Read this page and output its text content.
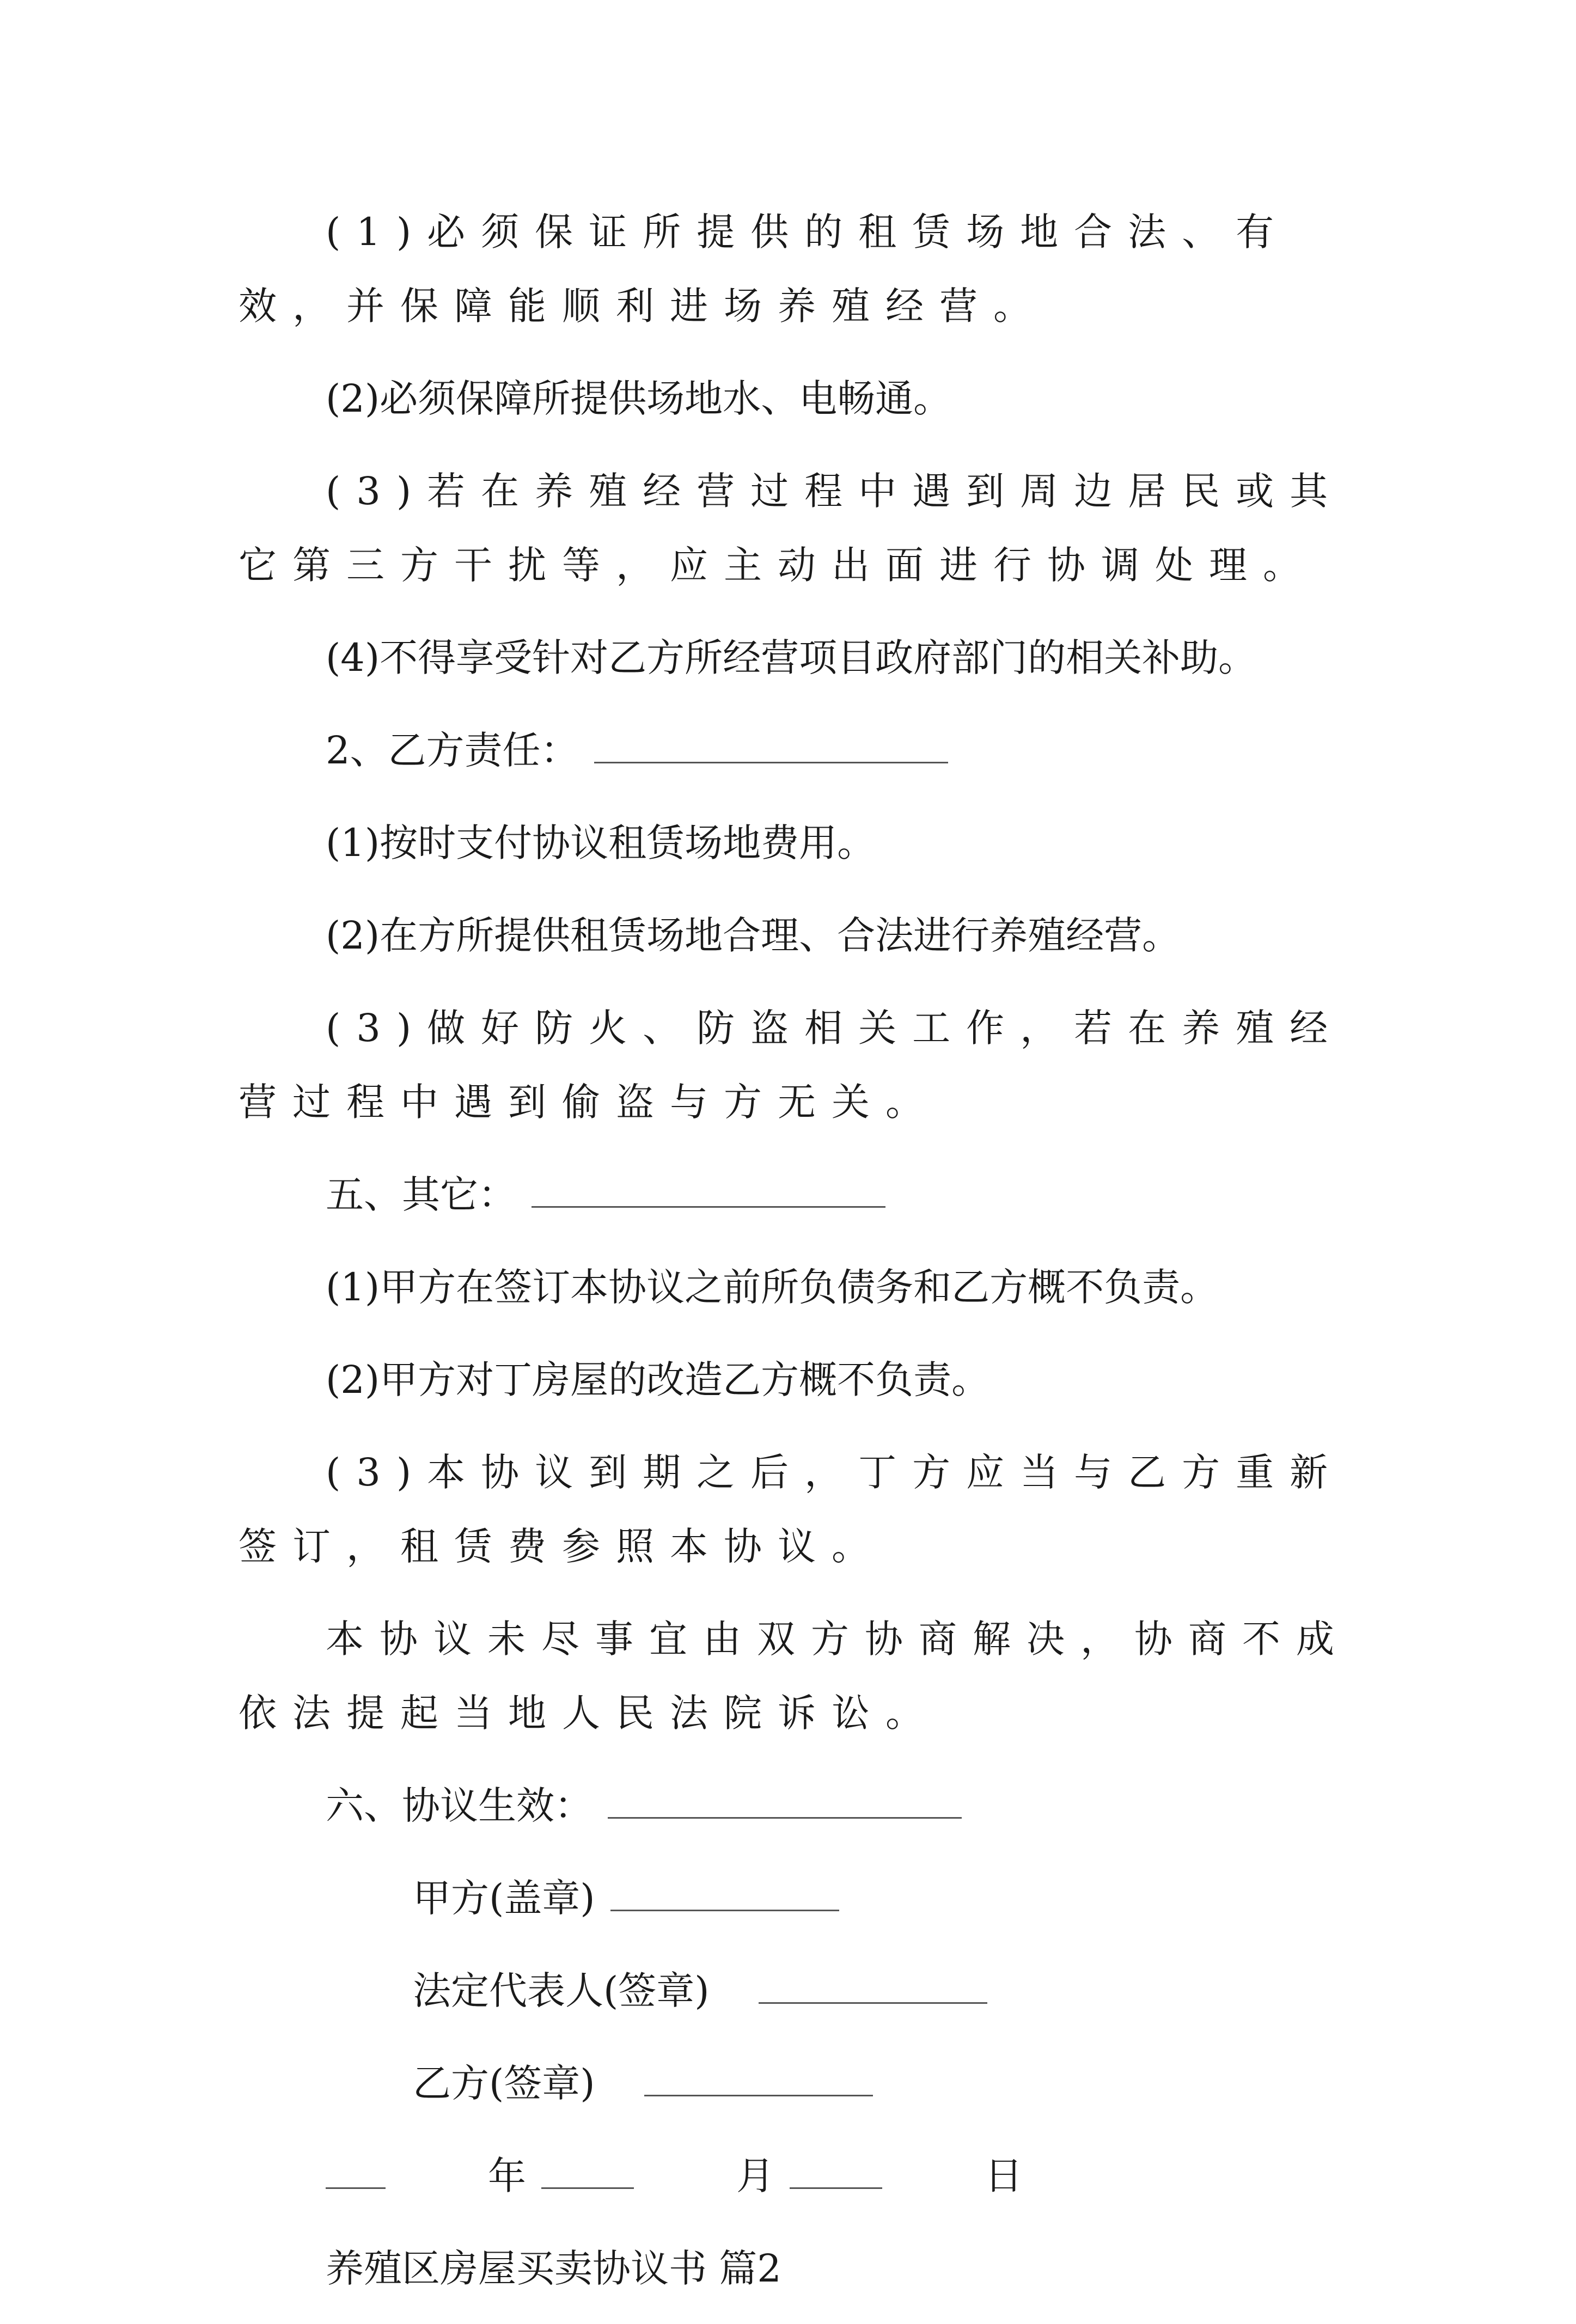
(1)必须保证所提供的租赁场地合法、有效，并保障能顺利进场养殖经营。

(2)必须保障所提供场地水、电畅通。

(3)若在养殖经营过程中遇到周边居民或其它第三方干扰等，应主动出面进行协调处理。

(4)不得享受针对乙方所经营项目政府部门的相关补助。

2、乙方责任：

(1)按时支付协议租赁场地费用。

(2)在方所提供租赁场地合理、合法进行养殖经营。

(3)做好防火、防盗相关工作，若在养殖经营过程中遇到偷盗与方无关。

五、其它：

(1)甲方在签订本协议之前所负债务和乙方概不负责。

(2)甲方对丁房屋的改造乙方概不负责。

(3)本协议到期之后，丁方应当与乙方重新签订，租赁费参照本协议。

本协议未尽事宜由双方协商解决，协商不成依法提起当地人民法院诉讼。

六、协议生效：

甲方(盖章)

法定代表人(签章)

乙方(签章)

年	月	日

养殖区房屋买卖协议书 篇2
